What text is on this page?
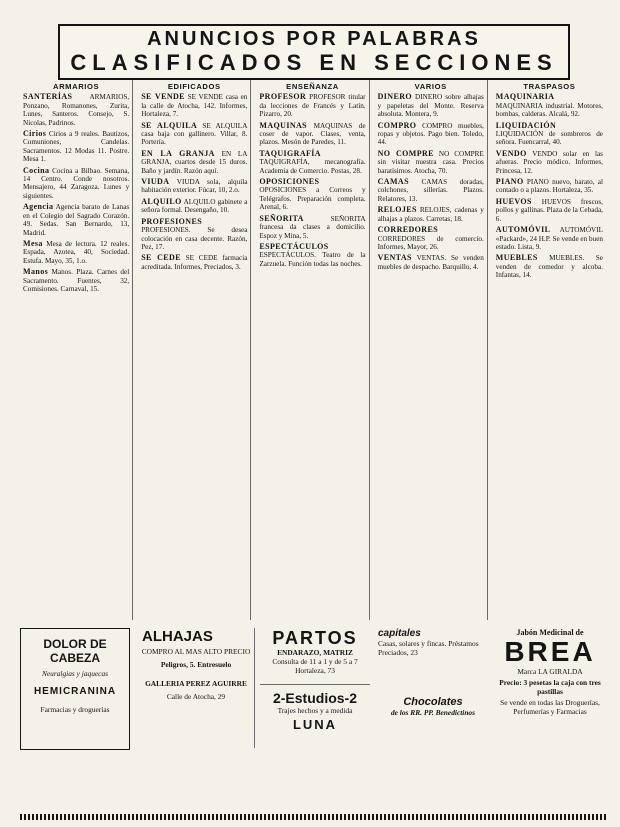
ANUNCIOS POR PALABRAS
CLASIFICADOS EN SECCIONES
ARMARIOS

SANTERÍAS ARMARIOS, Ponzano, Romanones, Zurita, Lunes, Santeros. Consejo, S. Nicolas, Padrinos.

Cirios Cirios a 9 reales. Bautizos, Comuniones, Candelas. Sacramentos. 12 Modas 11. Postre. Mesa 1.

Cocina Cocina a Bilbao. Semana, 14 Centro. Conde nosotros. Mensajero, 44 Zaragoza. Lunes y siguientes.

Agencia Agencia barato de Lanas en el Colegio del Sagrado Corazón. 49. Sedas. San Bernardo, 13, Madrid.

Mesa Mesa de lectura. 12 reales. Espada, Azotea, 40, Sociedad. Estufa. Mayo, 35, 1.o.

Manos Manos. Plaza. Carnes del Sacramento. Fuentes, 32, Comisiones. Carnaval, 15.

EDIFICADOS

SE VENDE SE VENDE casa en la calle de Atocha, 142. Informes, Hortaleza, 7.

SE ALQUILA SE ALQUILA casa baja con gallinero. Villar, 8. Portería.

EN LA GRANJA EN LA GRANJA, cuartos desde 15 duros. Baño y jardín. Razón aquí.

VIUDA VIUDA sola, alquila habitación exterior. Fúcar, 10, 2.o.

ALQUILO ALQUILO gabinete a señora formal. Desengaño, 10.

PROFESIONES PROFESIONES. Se desea colocación en casa decente. Razón, Pez, 17.

SE CEDE SE CEDE farmacia acreditada. Informes, Preciados, 3.

ENSEÑANZA

PROFESOR PROFESOR titular da lecciones de Francés y Latín. Pizarro, 20.

MAQUINAS MAQUINAS de coser de vapor. Clases, venta, plazos. Mesón de Paredes, 11.

TAQUIGRAFÍA TAQUIGRAFÍA, mecanografía. Academia de Comercio. Postas, 28.

OPOSICIONES OPOSICIONES a Correos y Telégrafos. Preparación completa. Arenal, 6.

SEÑORITA	SEÑORITA francesa da clases a domicilio. Espoz y Mina, 5.

ESPECTÁCULOS ESPECTÁCULOS. Teatro de la Zarzuela. Función todas las noches.

VARIOS

DINERO DINERO sobre alhajas y papeletas del Monte. Reserva absoluta. Montera, 9.

COMPRO COMPRO muebles, ropas y objetos. Pago bien. Toledo, 44.

NO COMPRE NO COMPRE sin visitar nuestra casa. Precios baratísimos. Atocha, 70.

CAMAS CAMAS doradas, colchones, sillerías. Plazos. Relatores, 13.

RELOJES RELOJES, cadenas y alhajas a plazos. Carretas, 18.

CORREDORES CORREDORES de comercio. Informes, Mayor, 26.

VENTAS VENTAS. Se venden muebles de despacho. Barquillo, 4.

TRASPASOS

MAQUINARIA MAQUINARIA industrial. Motores, bombas, calderas. Alcalá, 92.

LIQUIDACIÓN LIQUIDACIÓN de sombreros de señora. Fuencarral, 40.

VENDO VENDO solar en las afueras. Precio módico. Informes, Princesa, 12.

PIANO PIANO nuevo, barato, al contado o a plazos. Hortaleza, 35.

HUEVOS HUEVOS frescos, pollos y gallinas. Plaza de la Cebada, 6.

AUTOMÓVIL AUTOMÓVIL «Packard», 24 H.P. Se vende en buen estado. Lista, 9.

MUEBLES MUEBLES. Se venden de comedor y alcoba. Infantas, 14.

DOLOR DE CABEZA
Neuralgias y jaquecas
HEMICRANINA
Farmacias y droguerías
ALHAJAS
COMPRO AL MAS ALTO PRECIO
Peligros, 5. Entresuelo
GALLERIA PEREZ AGUIRRE
Calle de Atocha, 29
PARTOS
ENDARAZO, MATRIZ
Consulta de 11 a 1 y de 5 a 7
Hortaleza, 73
2-Estudios-2
Trajes hechos y a medida
LUNA
capitales
Casas, solares y fincas. Préstamos
Preciados, 23
Chocolates
de los RR. PP. Benedictinos
Jabón Medicinal de
BREA
Marca LA GIRALDA
Precio: 3 pesetas la caja con tres pastillas
Se vende en todas las Droguerías, Perfumerías y Farmacias
